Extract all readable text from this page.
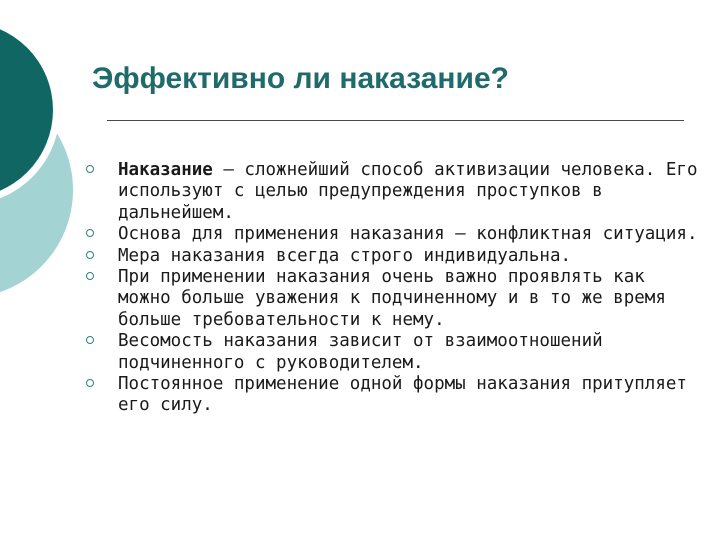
Эффективно ли наказание?
Наказание – сложнейший способ активизации человека. Его используют с целью предупреждения проступков в дальнейшем.
Основа для применения наказания – конфликтная ситуация.
Мера наказания всегда строго индивидуальна.
При применении наказания очень важно проявлять как можно больше уважения к подчиненному и в то же время больше требовательности к нему.
Весомость наказания зависит от взаимоотношений подчиненного с руководителем.
Постоянное применение одной формы наказания притупляет его силу.
